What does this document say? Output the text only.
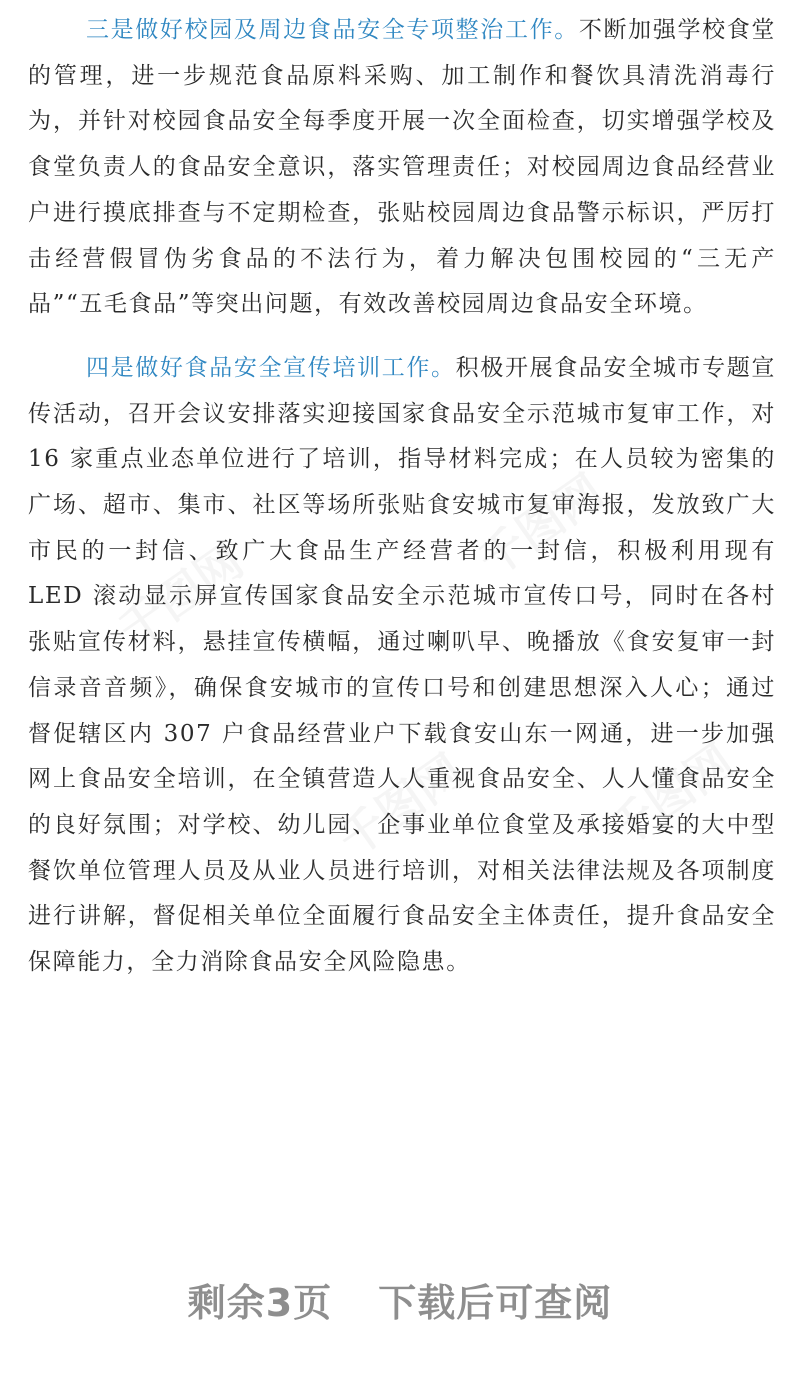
千图网
千图网
千图网	千图网

三是做好校园及周边食品安全专项整治工作。不断加强学校食堂的管理，进一步规范食品原料采购、加工制作和餐饮具清洗消毒行为，并针对校园食品安全每季度开展一次全面检查，切实增强学校及食堂负责人的食品安全意识，落实管理责任；对校园周边食品经营业户进行摸底排查与不定期检查，张贴校园周边食品警示标识，严厉打击经营假冒伪劣食品的不法行为，着力解决包围校园的“三无产品”“五毛食品”等突出问题，有效改善校园周边食品安全环境。

四是做好食品安全宣传培训工作。积极开展食品安全城市专题宣传活动，召开会议安排落实迎接国家食品安全示范城市复审工作，对 16 家重点业态单位进行了培训，指导材料完成；在人员较为密集的广场、超市、集市、社区等场所张贴食安城市复审海报，发放致广大市民的一封信、致广大食品生产经营者的一封信，积极利用现有 LED 滚动显示屏宣传国家食品安全示范城市宣传口号，同时在各村张贴宣传材料，悬挂宣传横幅，通过喇叭早、晚播放《食安复审一封信录音音频》，确保食安城市的宣传口号和创建思想深入人心；通过督促辖区内 307 户食品经营业户下载食安山东一网通，进一步加强网上食品安全培训，在全镇营造人人重视食品安全、人人懂食品安全的良好氛围；对学校、幼儿园、企事业单位食堂及承接婚宴的大中型餐饮单位管理人员及从业人员进行培训，对相关法律法规及各项制度进行讲解，督促相关单位全面履行食品安全主体责任，提升食品安全保障能力，全力消除食品安全风险隐患。

剩余3页 下载后可查阅
